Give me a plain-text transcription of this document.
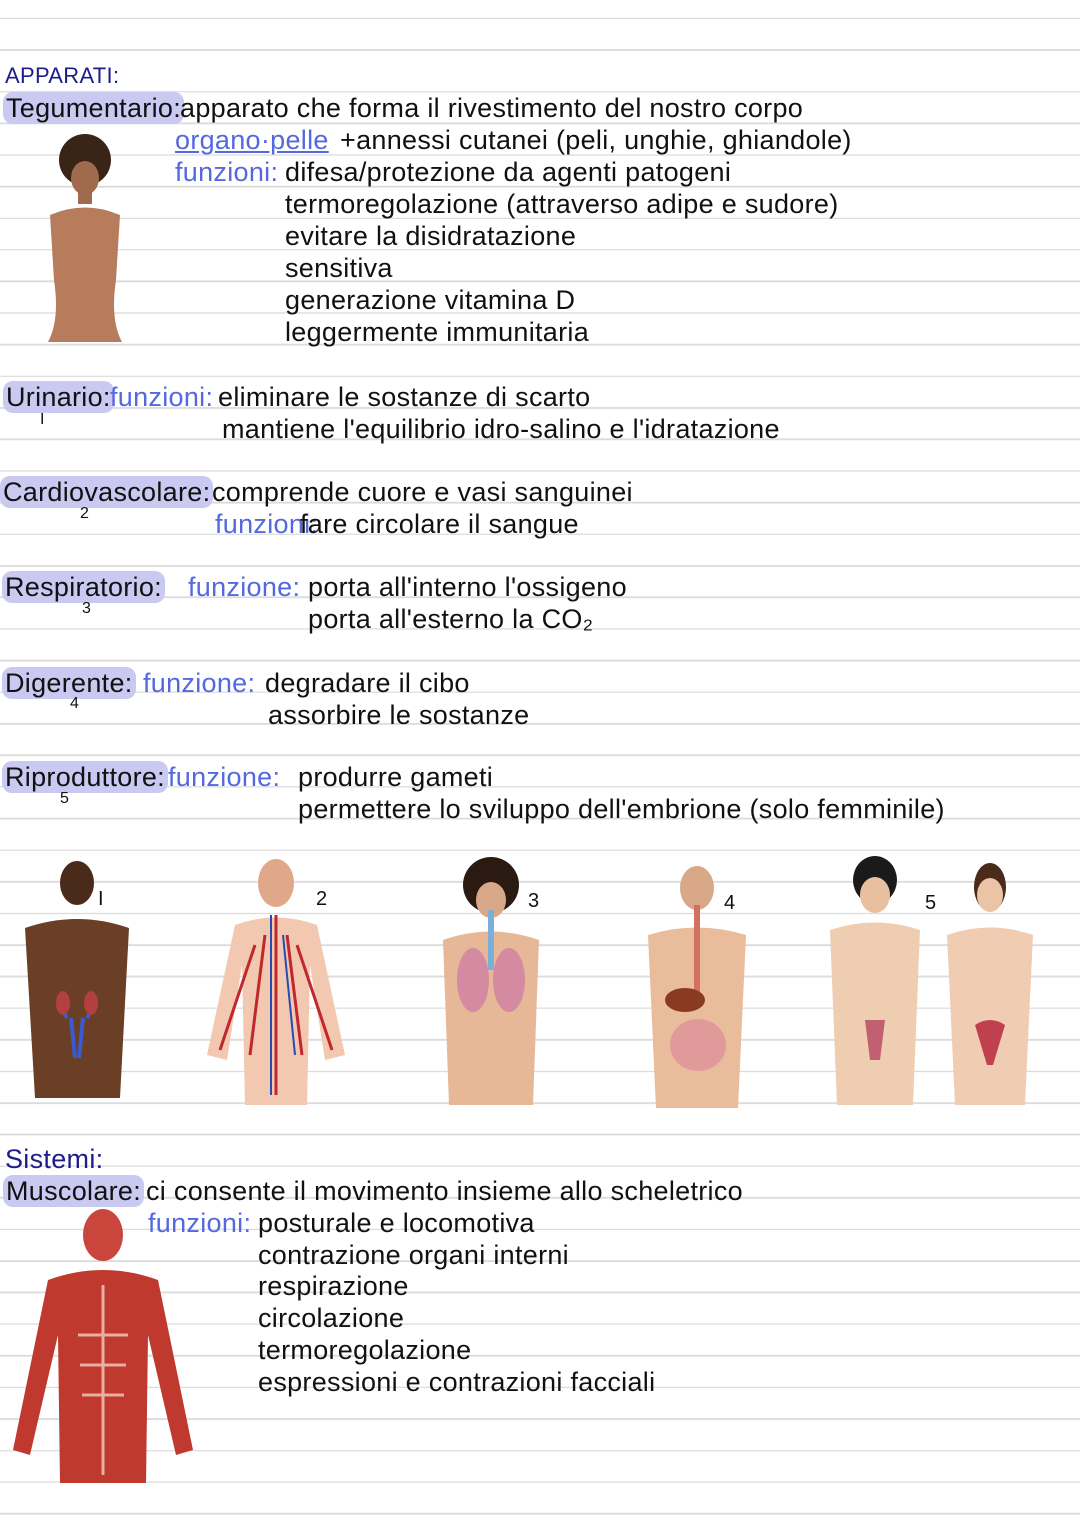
APPARATI:
Tegumentario: apparato che forma il rivestimento del nostro corpo
organo·pelle +annessi cutanei (peli, unghie, ghiandole)
funzioni: difesa/protezione da agenti patogeni
termoregolazione (attraverso adipe e sudore)
evitare la disidratazione
sensitiva
generazione vitamina D
leggermente immunitaria
Urinario: funzioni: eliminare le sostanze di scarto
I	mantiene l'equilibrio idro-salino e l'idratazione
Cardiovascolare: comprende cuore e vasi sanguinei
2	funzioni:
fare circolare il sangue
Respiratorio: funzione: porta all'interno l'ossigeno
3	porta all'esterno la CO₂
Digerente: funzione: degradare il cibo
4	assorbire le sostanze
Riproduttore: funzione: produrre gameti
5	permettere lo sviluppo dell'embrione (solo femminile)
I	2	3	4	5
Sistemi:
Muscolare: ci consente il movimento insieme allo scheletrico
funzioni: posturale e locomotiva
contrazione organi interni
respirazione
circolazione
termoregolazione
espressioni e contrazioni facciali
